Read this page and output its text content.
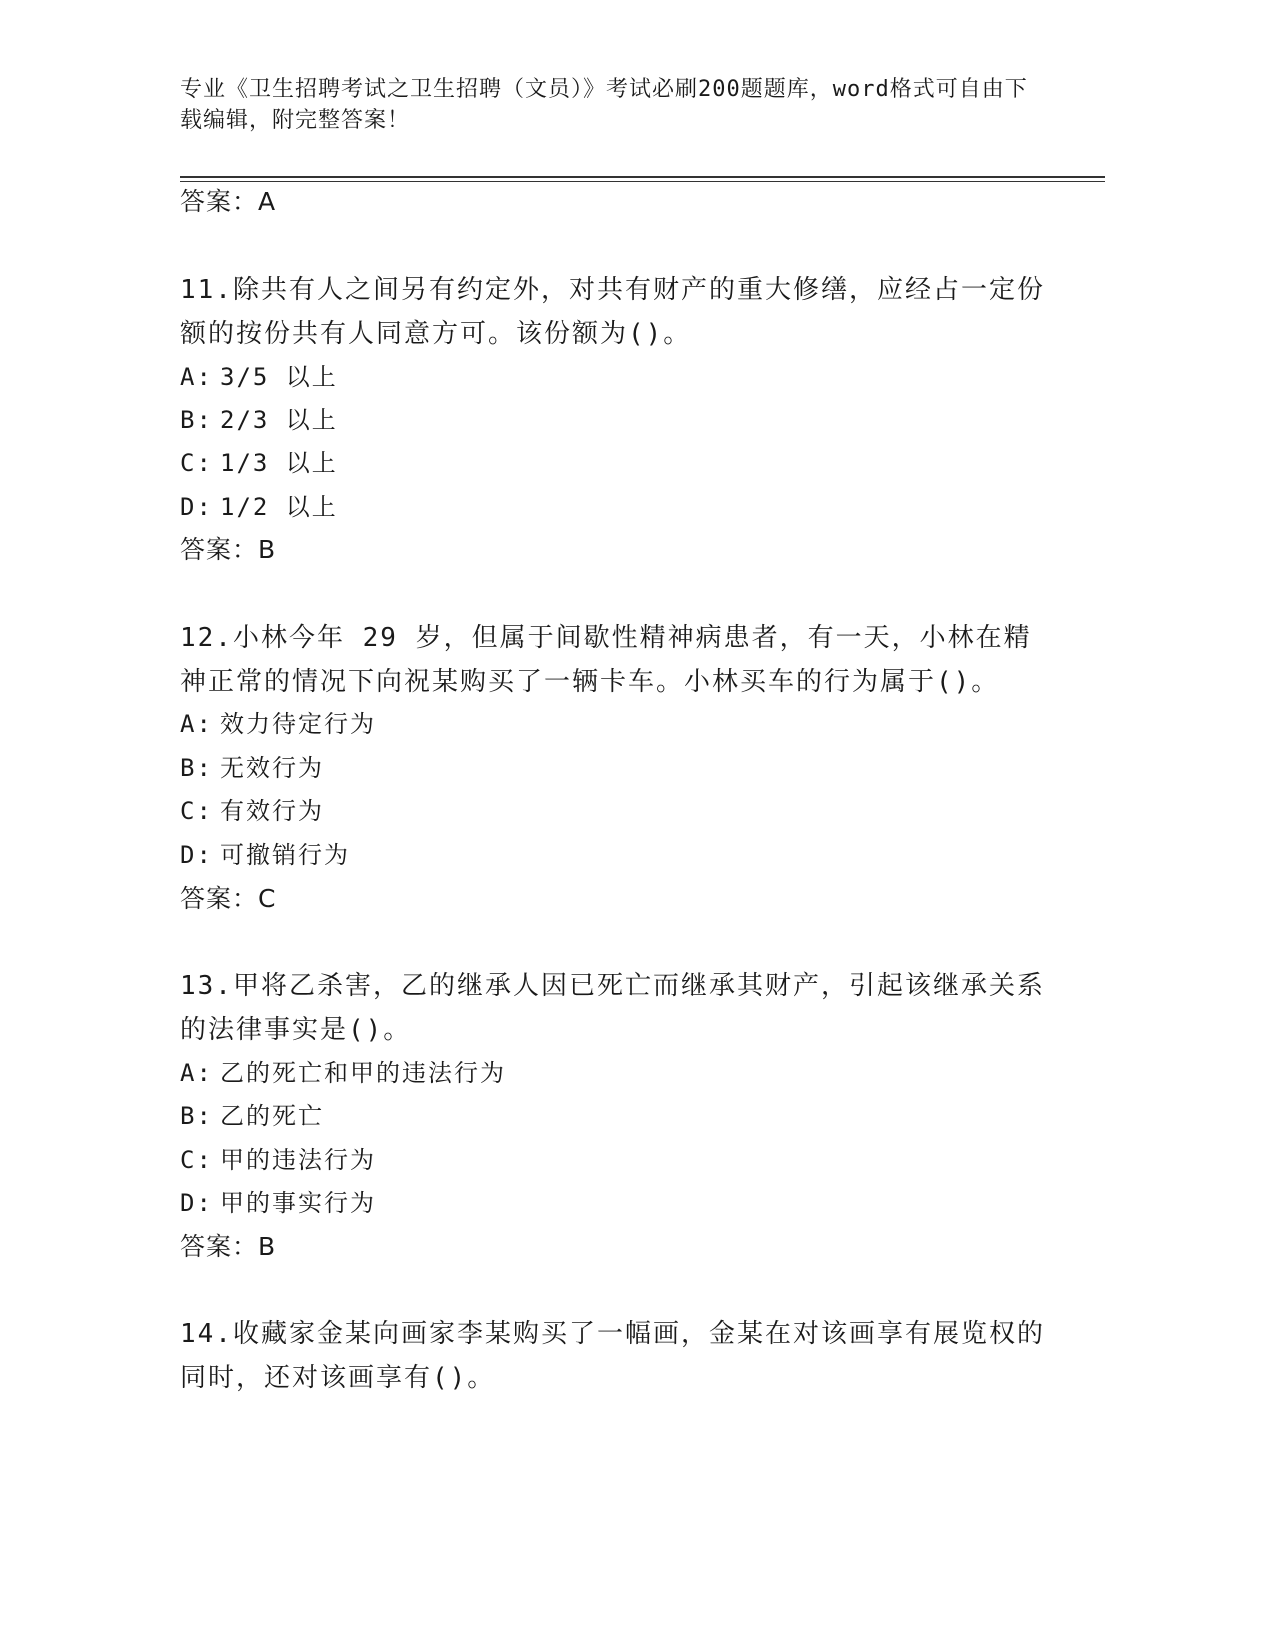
专业《卫生招聘考试之卫生招聘（文员）》考试必刷200题题库，word格式可自由下载编辑，附完整答案！
答案：A
11.除共有人之间另有约定外，对共有财产的重大修缮，应经占一定份额的按份共有人同意方可。该份额为()。
A: 3/5 以上
B: 2/3 以上
C: 1/3 以上
D: 1/2 以上
答案：B
12.小林今年 29 岁，但属于间歇性精神病患者，有一天，小林在精神正常的情况下向祝某购买了一辆卡车。小林买车的行为属于()。
A: 效力待定行为
B: 无效行为
C: 有效行为
D: 可撤销行为
答案：C
13.甲将乙杀害，乙的继承人因已死亡而继承其财产，引起该继承关系的法律事实是()。
A: 乙的死亡和甲的违法行为
B: 乙的死亡
C: 甲的违法行为
D: 甲的事实行为
答案：B
14.收藏家金某向画家李某购买了一幅画，金某在对该画享有展览权的同时，还对该画享有()。
